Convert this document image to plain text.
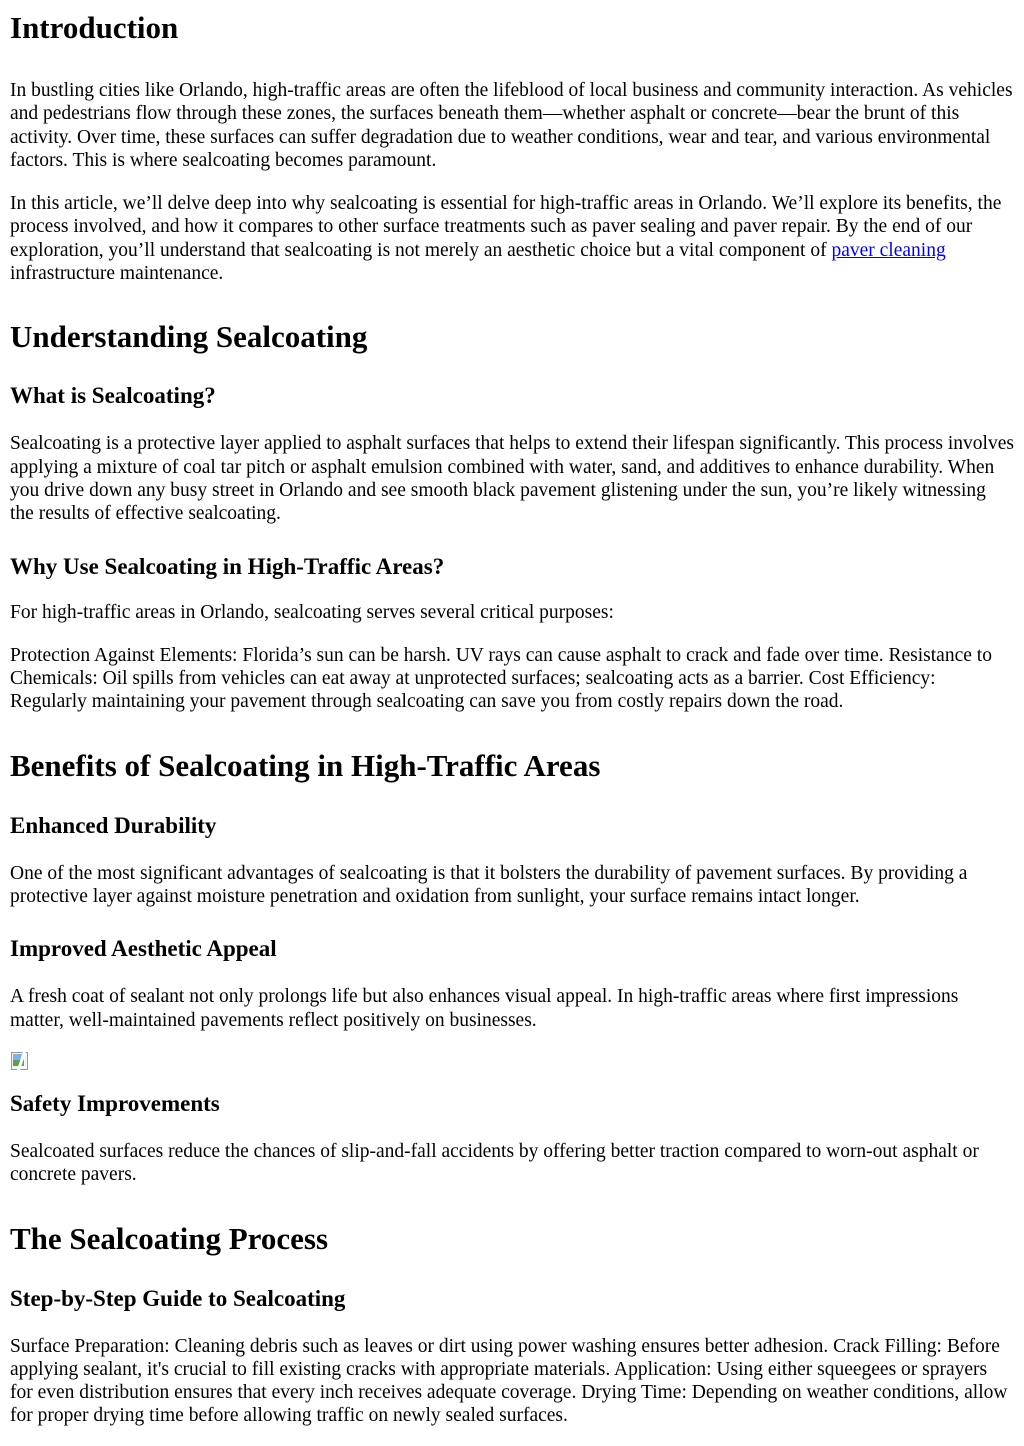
Introduction

In bustling cities like Orlando, high-traffic areas are often the lifeblood of local business and community interaction. As vehicles and pedestrians flow through these zones, the surfaces beneath them—whether asphalt or concrete—bear the brunt of this activity. Over time, these surfaces can suffer degradation due to weather conditions, wear and tear, and various environmental factors. This is where sealcoating becomes paramount.

In this article, we’ll delve deep into why sealcoating is essential for high-traffic areas in Orlando. We’ll explore its benefits, the process involved, and how it compares to other surface treatments such as paver sealing and paver repair. By the end of our exploration, you’ll understand that sealcoating is not merely an aesthetic choice but a vital component of paver cleaning infrastructure maintenance.

Understanding Sealcoating
What is Sealcoating?

Sealcoating is a protective layer applied to asphalt surfaces that helps to extend their lifespan significantly. This process involves applying a mixture of coal tar pitch or asphalt emulsion combined with water, sand, and additives to enhance durability. When you drive down any busy street in Orlando and see smooth black pavement glistening under the sun, you’re likely witnessing the results of effective sealcoating.

Why Use Sealcoating in High-Traffic Areas?

For high-traffic areas in Orlando, sealcoating serves several critical purposes:

Protection Against Elements: Florida’s sun can be harsh. UV rays can cause asphalt to crack and fade over time. Resistance to Chemicals: Oil spills from vehicles can eat away at unprotected surfaces; sealcoating acts as a barrier. Cost Efficiency: Regularly maintaining your pavement through sealcoating can save you from costly repairs down the road.

Benefits of Sealcoating in High-Traffic Areas
Enhanced Durability

One of the most significant advantages of sealcoating is that it bolsters the durability of pavement surfaces. By providing a protective layer against moisture penetration and oxidation from sunlight, your surface remains intact longer.

Improved Aesthetic Appeal

A fresh coat of sealant not only prolongs life but also enhances visual appeal. In high-traffic areas where first impressions matter, well-maintained pavements reflect positively on businesses.

Safety Improvements

Sealcoated surfaces reduce the chances of slip-and-fall accidents by offering better traction compared to worn-out asphalt or concrete pavers.

The Sealcoating Process
Step-by-Step Guide to Sealcoating

Surface Preparation: Cleaning debris such as leaves or dirt using power washing ensures better adhesion. Crack Filling: Before applying sealant, it's crucial to fill existing cracks with appropriate materials. Application: Using either squeegees or sprayers for even distribution ensures that every inch receives adequate coverage. Drying Time: Depending on weather conditions, allow for proper drying time before allowing traffic on newly sealed surfaces.
